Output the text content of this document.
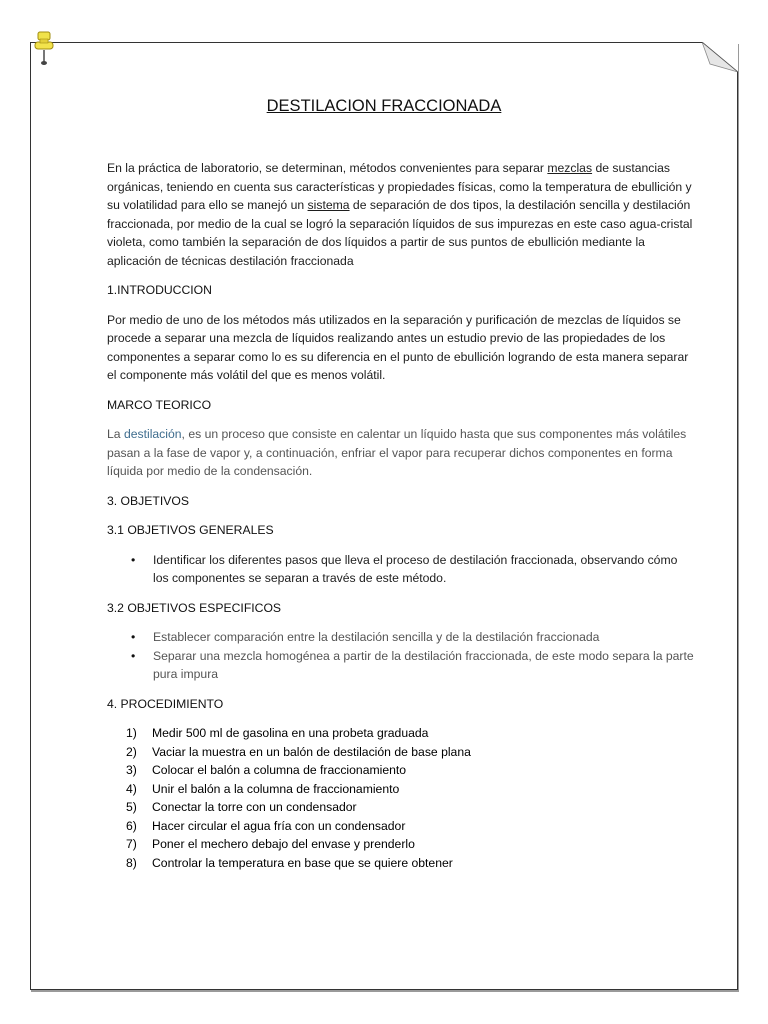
DESTILACION FRACCIONADA

En la práctica de laboratorio, se determinan, métodos convenientes para separar mezclas de sustancias orgánicas, teniendo en cuenta sus características y propiedades físicas, como la temperatura de ebullición y su volatilidad para ello se manejó un sistema de separación de dos tipos, la destilación sencilla y destilación fraccionada, por medio de la cual se logró la separación líquidos de sus impurezas en este caso agua-cristal violeta, como también la separación de dos líquidos a partir de sus puntos de ebullición mediante la aplicación de técnicas destilación fraccionada

1.INTRODUCCION

Por medio de uno de los métodos más utilizados en la separación y purificación de mezclas de líquidos se procede a separar una mezcla de líquidos realizando antes un estudio previo de las propiedades de los componentes a separar como lo es su diferencia en el punto de ebullición logrando de esta manera separar el componente más volátil del que es menos volátil.

MARCO TEORICO

La destilación, es un proceso que consiste en calentar un líquido hasta que sus componentes más volátiles pasan a la fase de vapor y, a continuación, enfriar el vapor para recuperar dichos componentes en forma líquida por medio de la condensación.

3. OBJETIVOS
3.1 OBJETIVOS GENERALES
• Identificar los diferentes pasos que lleva el proceso de destilación fraccionada, observando cómo los componentes se separan a través de este método.
3.2 OBJETIVOS ESPECIFICOS
• Establecer comparación entre la destilación sencilla y de la destilación fraccionada
• Separar una mezcla homogénea a partir de la destilación fraccionada, de este modo separa la parte pura impura
4. PROCEDIMIENTO
1) Medir 500 ml de gasolina en una probeta graduada
2) Vaciar la muestra en un balón de destilación de base plana
3) Colocar el balón a columna de fraccionamiento
4) Unir el balón a la columna de fraccionamiento
5) Conectar la torre con un condensador
6) Hacer circular el agua fría con un condensador
7) Poner el mechero debajo del envase y prenderlo
8) Controlar la temperatura en base que se quiere obtener
